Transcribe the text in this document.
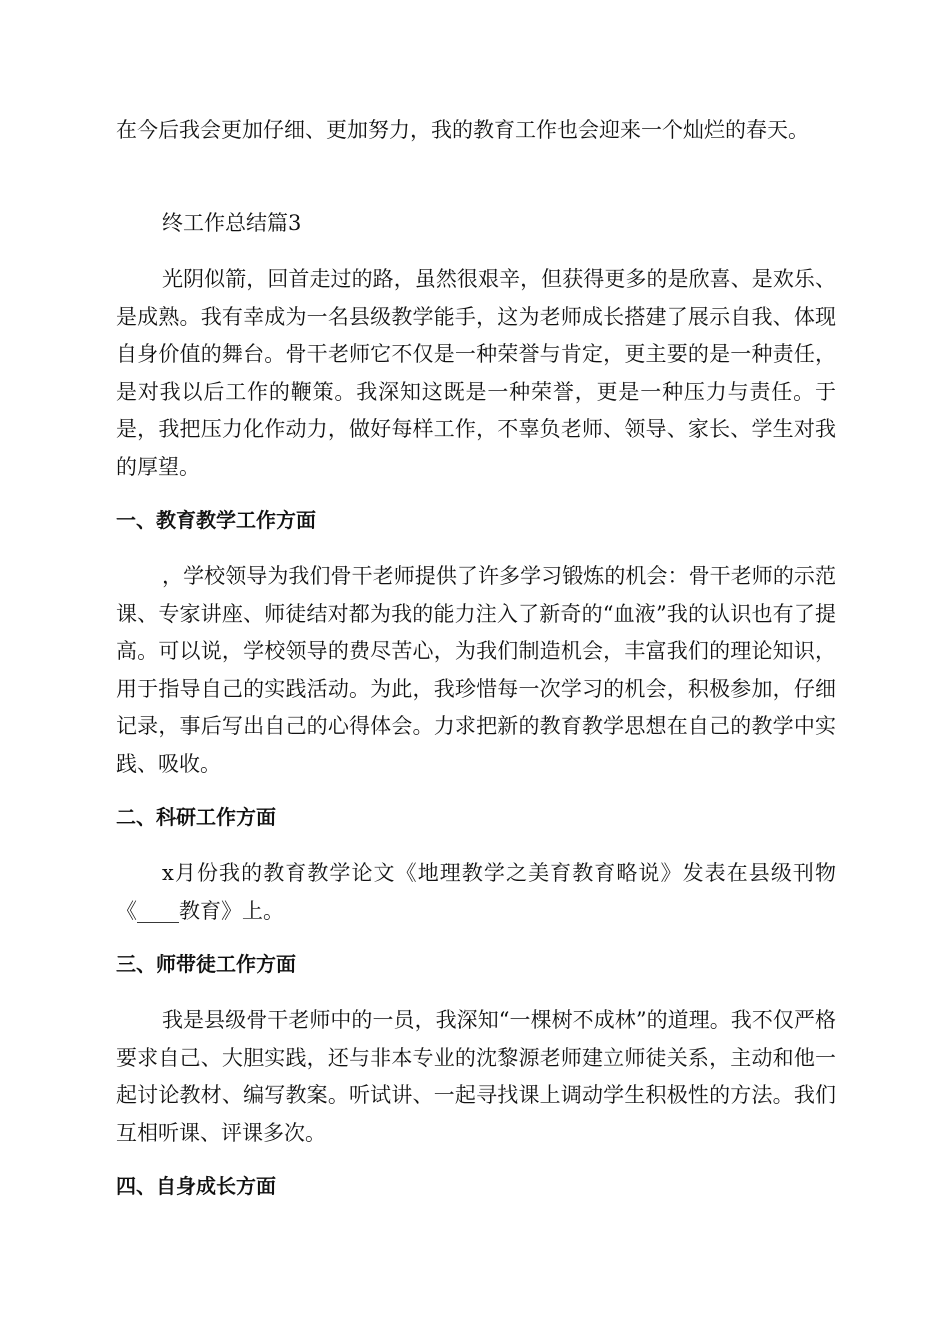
在今后我会更加仔细、更加努力，我的教育工作也会迎来一个灿烂的春天。

终工作总结篇3

光阴似箭，回首走过的路，虽然很艰辛，但获得更多的是欣喜、是欢乐、是成熟。我有幸成为一名县级教学能手，这为老师成长搭建了展示自我、体现自身价值的舞台。骨干老师它不仅是一种荣誉与肯定，更主要的是一种责任，是对我以后工作的鞭策。我深知这既是一种荣誉，更是一种压力与责任。于是，我把压力化作动力，做好每样工作，不辜负老师、领导、家长、学生对我的厚望。

一、教育教学工作方面

，学校领导为我们骨干老师提供了许多学习锻炼的机会：骨干老师的示范课、专家讲座、师徒结对都为我的能力注入了新奇的“血液”我的认识也有了提高。可以说，学校领导的费尽苦心，为我们制造机会，丰富我们的理论知识，用于指导自己的实践活动。为此，我珍惜每一次学习的机会，积极参加，仔细记录，事后写出自己的心得体会。力求把新的教育教学思想在自己的教学中实践、吸收。

二、科研工作方面

x月份我的教育教学论文《地理教学之美育教育略说》发表在县级刊物《____教育》上。

三、师带徒工作方面

我是县级骨干老师中的一员，我深知“一棵树不成林”的道理。我不仅严格要求自己、大胆实践，还与非本专业的沈黎源老师建立师徒关系，主动和他一起讨论教材、编写教案。听试讲、一起寻找课上调动学生积极性的方法。我们互相听课、评课多次。

四、自身成长方面
